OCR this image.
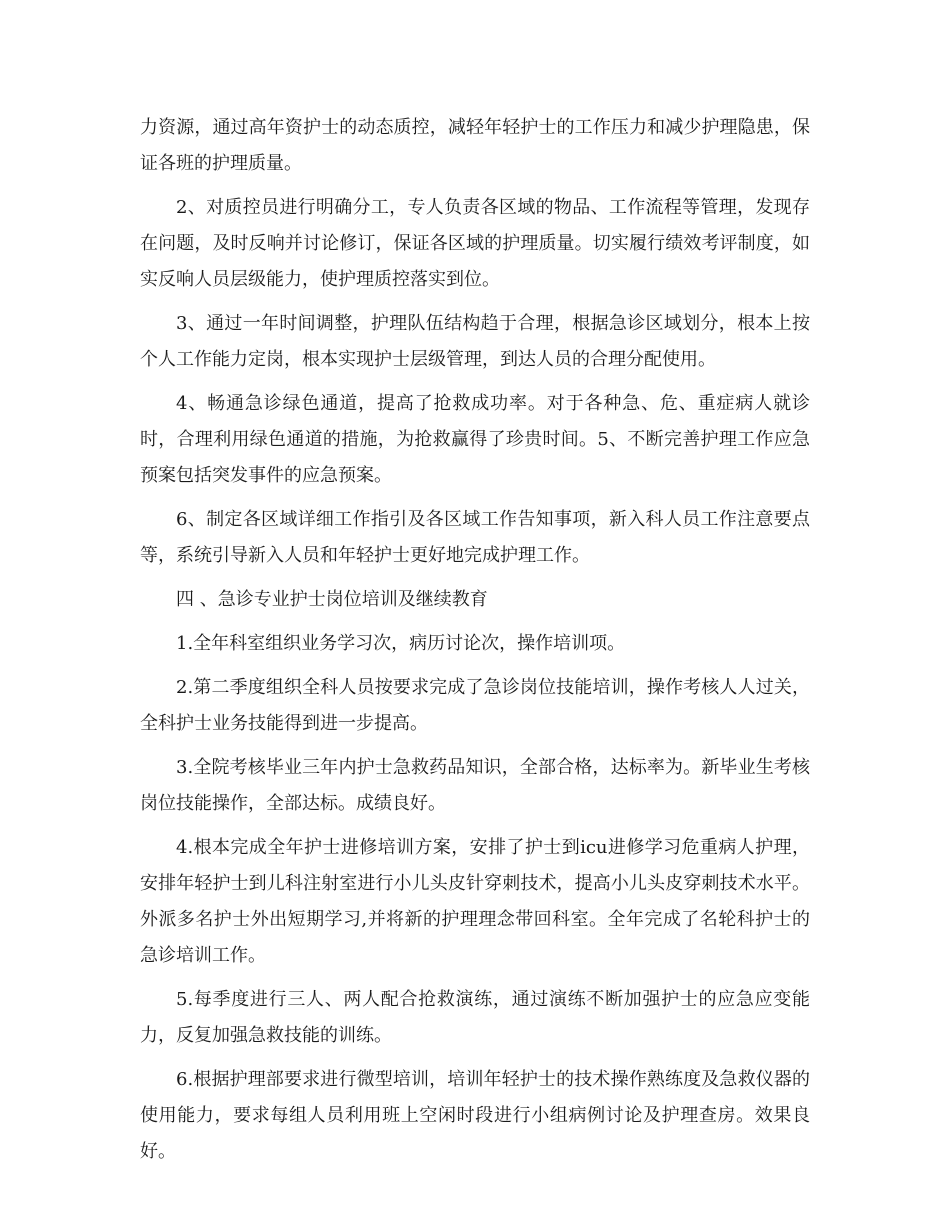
力资源，通过高年资护士的动态质控，减轻年轻护士的工作压力和减少护理隐患，保证各班的护理质量。

2、对质控员进行明确分工，专人负责各区域的物品、工作流程等管理，发现存在问题，及时反响并讨论修订，保证各区域的护理质量。切实履行绩效考评制度，如实反响人员层级能力，使护理质控落实到位。

3、通过一年时间调整，护理队伍结构趋于合理，根据急诊区域划分，根本上按个人工作能力定岗，根本实现护士层级管理，到达人员的合理分配使用。

4、畅通急诊绿色通道，提高了抢救成功率。对于各种急、危、重症病人就诊时，合理利用绿色通道的措施，为抢救赢得了珍贵时间。5、不断完善护理工作应急预案包括突发事件的应急预案。

6、制定各区域详细工作指引及各区域工作告知事项，新入科人员工作注意要点等，系统引导新入人员和年轻护士更好地完成护理工作。

四 、急诊专业护士岗位培训及继续教育

1.全年科室组织业务学习次，病历讨论次，操作培训项。

2.第二季度组织全科人员按要求完成了急诊岗位技能培训，操作考核人人过关，全科护士业务技能得到进一步提高。

3.全院考核毕业三年内护士急救药品知识，全部合格，达标率为。新毕业生考核岗位技能操作，全部达标。成绩良好。

4.根本完成全年护士进修培训方案，安排了护士到icu进修学习危重病人护理，安排年轻护士到儿科注射室进行小儿头皮针穿刺技术，提高小儿头皮穿刺技术水平。外派多名护士外出短期学习,并将新的护理理念带回科室。全年完成了名轮科护士的急诊培训工作。

5.每季度进行三人、两人配合抢救演练，通过演练不断加强护士的应急应变能力，反复加强急救技能的训练。

6.根据护理部要求进行微型培训，培训年轻护士的技术操作熟练度及急救仪器的使用能力，要求每组人员利用班上空闲时段进行小组病例讨论及护理查房。效果良好。
